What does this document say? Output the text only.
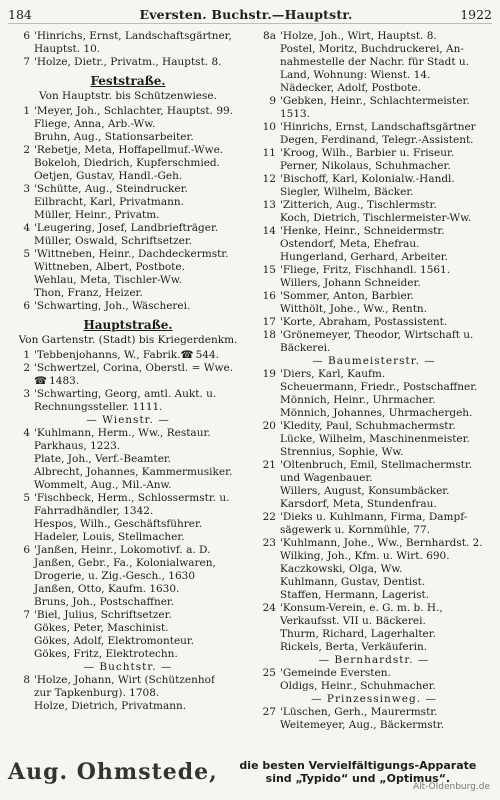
184	Eversten. Buchstr.—Hauptstr.	1922
6 'Hinrichs, Ernst, Landschaftsgärtner,
Hauptst. 10.
7 'Holze, Dietr., Privatm., Hauptst. 8.
Feststraße.
Von Hauptstr. bis Schützenwiese.
1 'Meyer, Joh., Schlachter, Hauptst. 99.
Fliege, Anna, Arb.-Ww.
Bruhn, Aug., Stationsarbeiter.
2 'Rebetje, Meta, Hoffapellmuf.-Wwe.
Bokeloh, Diedrich, Kupferschmied.
Oetjen, Gustav, Handl.-Geh.
3 'Schütte, Aug., Steindrucker.
Eilbracht, Karl, Privatmann.
Müller, Heinr., Privatm.
4 'Leugering, Josef, Landbriefträger.
Müller, Oswald, Schriftsetzer.
5 'Wittneben, Heinr., Dachdeckermstr.
Wittneben, Albert, Postbote.
Wehlau, Meta, Tischler-Ww.
Thon, Franz, Heizer.
6 'Schwarting, Joh., Wäscherei.
Hauptstraße.
Von Gartenstr. (Stadt) bis Kriegerdenkm.
1 'Tebbenjohanns, W., Fabrik.☎544.
2 'Schwertzel, Corina, Oberstl. = Wwe.
☎1483.
3 'Schwarting, Georg, amtl. Aukt. u.
Rechnungssteller. 1111.
— Wienstr. —
4 'Kuhlmann, Herm., Ww., Restaur.
Parkhaus, 1223.
Plate, Joh., Verf.-Beamter.
Albrecht, Johannes, Kammermusiker.
Wommelt, Aug., Mil.-Anw.
5 'Fischbeck, Herm., Schlossermstr. u.
Fahrradhändler, 1342.
Hespos, Wilh., Geschäftsführer.
Hadeler, Louis, Stellmacher.
6 'Janßen, Heinr., Lokomotivf. a. D.
Janßen, Gebr., Fa., Kolonialwaren,
Drogerie, u. Zig.-Gesch., 1630
Janßen, Otto, Kaufm. 1630.
Bruns, Joh., Postschaffner.
7 'Biel, Julius, Schriftsetzer.
Gökes, Peter, Maschinist.
Gökes, Adolf, Elektromonteur.
Gökes, Fritz, Elektrotechn.
— Buchtstr. —
8 'Holze, Johann, Wirt (Schützenhof
zur Tapkenburg). 1708.
Holze, Dietrich, Privatmann.
8a 'Holze, Joh., Wirt, Hauptst. 8.
Postel, Moritz, Buchdruckerei, An-
nahmestelle der Nachr. für Stadt u.
Land, Wohnung: Wienst. 14.
Nädecker, Adolf, Postbote.
9 'Gebken, Heinr., Schlachtermeister.
1513.
10 'Hinrichs, Ernst, Landschaftsgärtner
Degen, Ferdinand, Telegr.-Assistent.
11 'Kroog, Wilh., Barbier u. Friseur.
Perner, Nikolaus, Schuhmacher.
12 'Bischoff, Karl, Kolonialw.-Handl.
Siegler, Wilhelm, Bäcker.
13 'Zitterich, Aug., Tischlermstr.
Koch, Dietrich, Tischlermeister-Ww.
14 'Henke, Heinr., Schneidermstr.
Ostendorf, Meta, Ehefrau.
Hungerland, Gerhard, Arbeiter.
15 'Fliege, Fritz, Fischhandl. 1561.
Willers, Johann Schneider.
16 'Sommer, Anton, Barbier.
Witthölt, Johe., Ww., Rentn.
17 'Korte, Abraham, Postassistent.
18 'Grönemeyer, Theodor, Wirtschaft u.
Bäckerei.
— Baumeisterstr. —
19 'Diers, Karl, Kaufm.
Scheuermann, Friedr., Postschaffner.
Mönnich, Heinr., Uhrmacher.
Mönnich, Johannes, Uhrmachergeh.
20 'Kledity, Paul, Schuhmachermstr.
Lücke, Wilhelm, Maschinenmeister.
Strennius, Sophie, Ww.
21 'Oltenbruch, Emil, Stellmachermstr.
und Wagenbauer.
Willers, August, Konsumbäcker.
Karsdorf, Meta, Stundenfrau.
22 'Dieks u. Kuhlmann, Firma, Dampf-
sägewerk u. Kornmühle, 77.
23 'Kuhlmann, Johe., Ww., Bernhardst. 2.
Wilking, Joh., Kfm. u. Wirt. 690.
Kaczkowski, Olga, Ww.
Kuhlmann, Gustav, Dentist.
Staffen, Hermann, Lagerist.
24 'Konsum-Verein, e. G. m. b. H.,
Verkaufsst. VII u. Bäckerei.
Thurm, Richard, Lagerhalter.
Rickels, Berta, Verkäuferin.
— Bernhardstr. —
25 'Gemeinde Eversten.
Oldigs, Heinr., Schuhmacher.
— Prinzessinweg. —
27 'Lüschen, Gerh., Maurermstr.
Weitemeyer, Aug., Bäckermstr.
Aug. Ohmstede,	die besten Vervielfältigungs-Apparate
sind „Typido“ und „Optimus“.
Alt-Oldenburg.de
